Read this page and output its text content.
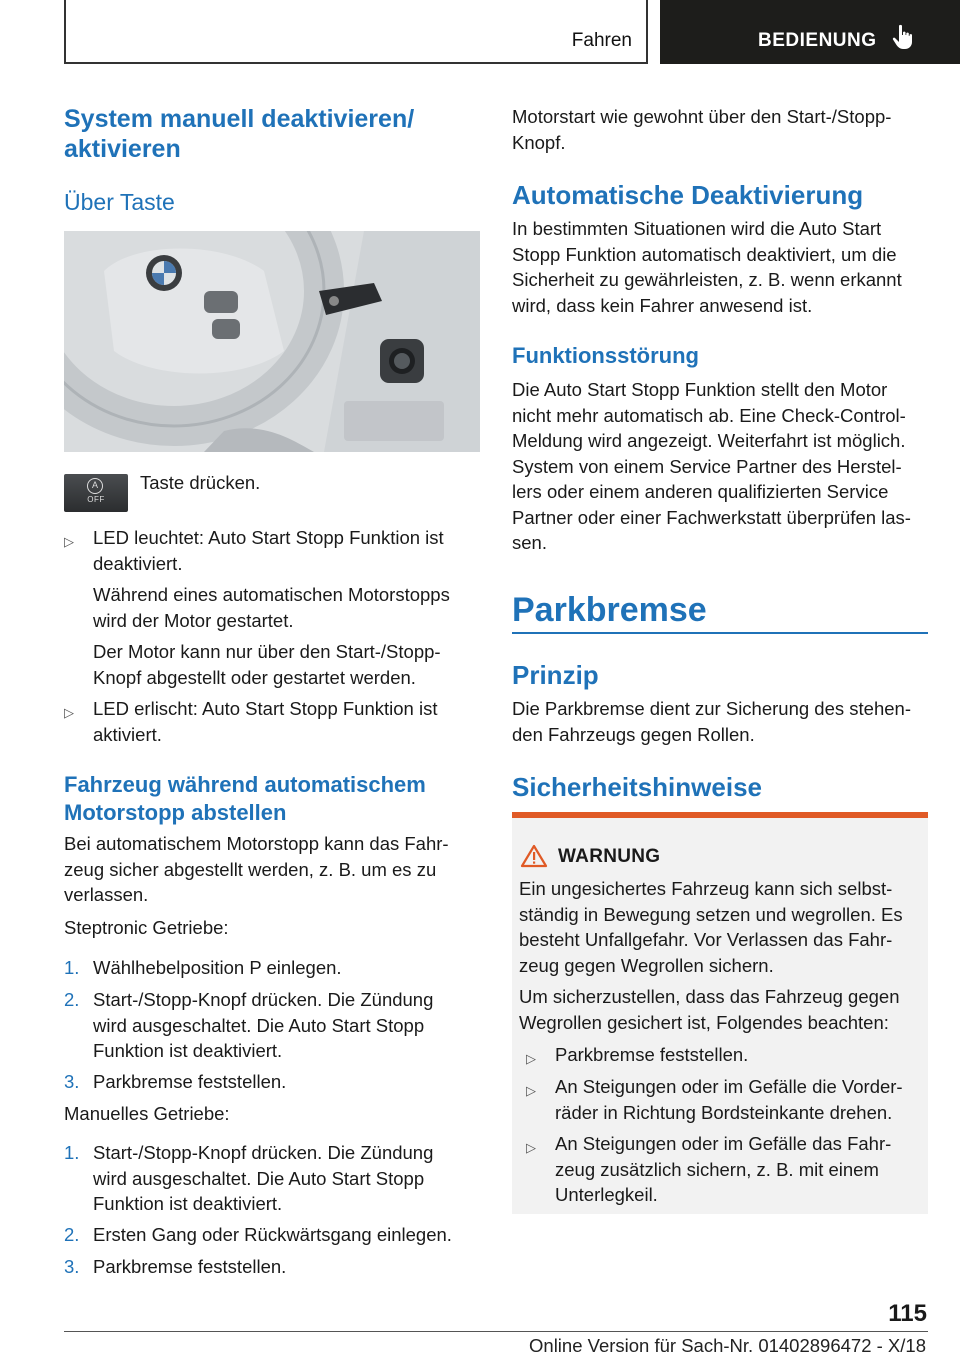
Fahren	BEDIENUNG
System manuell deaktivieren/
aktivieren
Über Taste
A
OFF
Taste drücken.
▷ LED leuchtet: Auto Start Stopp Funktion ist
deaktiviert.
Während eines automatischen Motorstopps
wird der Motor gestartet.
Der Motor kann nur über den Start-/Stopp-
Knopf abgestellt oder gestartet werden.
▷ LED erlischt: Auto Start Stopp Funktion ist
aktiviert.
Fahrzeug während automatischem
Motorstopp abstellen
Bei automatischem Motorstopp kann das Fahr-
zeug sicher abgestellt werden, z. B. um es zu
verlassen.
Steptronic Getriebe:
1. Wählhebelposition P einlegen.
2. Start-/Stopp-Knopf drücken. Die Zündung
wird ausgeschaltet. Die Auto Start Stopp
Funktion ist deaktiviert.
3. Parkbremse feststellen.
Manuelles Getriebe:
1. Start-/Stopp-Knopf drücken. Die Zündung
wird ausgeschaltet. Die Auto Start Stopp
Funktion ist deaktiviert.
2. Ersten Gang oder Rückwärtsgang einlegen.
3. Parkbremse feststellen.
Motorstart wie gewohnt über den Start-/Stopp-
Knopf.
Automatische Deaktivierung
In bestimmten Situationen wird die Auto Start
Stopp Funktion automatisch deaktiviert, um die
Sicherheit zu gewährleisten, z. B. wenn erkannt
wird, dass kein Fahrer anwesend ist.
Funktionsstörung
Die Auto Start Stopp Funktion stellt den Motor
nicht mehr automatisch ab. Eine Check-Control-
Meldung wird angezeigt. Weiterfahrt ist möglich.
System von einem Service Partner des Herstel-
lers oder einem anderen qualifizierten Service
Partner oder einer Fachwerkstatt überprüfen las-
sen.
Parkbremse
Prinzip
Die Parkbremse dient zur Sicherung des stehen-
den Fahrzeugs gegen Rollen.
Sicherheitshinweise
WARNUNG
Ein ungesichertes Fahrzeug kann sich selbst-
ständig in Bewegung setzen und wegrollen. Es
besteht Unfallgefahr. Vor Verlassen das Fahr-
zeug gegen Wegrollen sichern.
Um sicherzustellen, dass das Fahrzeug gegen
Wegrollen gesichert ist, Folgendes beachten:
▷ Parkbremse feststellen.
▷ An Steigungen oder im Gefälle die Vorder-
räder in Richtung Bordsteinkante drehen.
▷ An Steigungen oder im Gefälle das Fahr-
zeug zusätzlich sichern, z. B. mit einem
Unterlegkeil.
115
Online Version für Sach-Nr. 01402896472 - X/18
